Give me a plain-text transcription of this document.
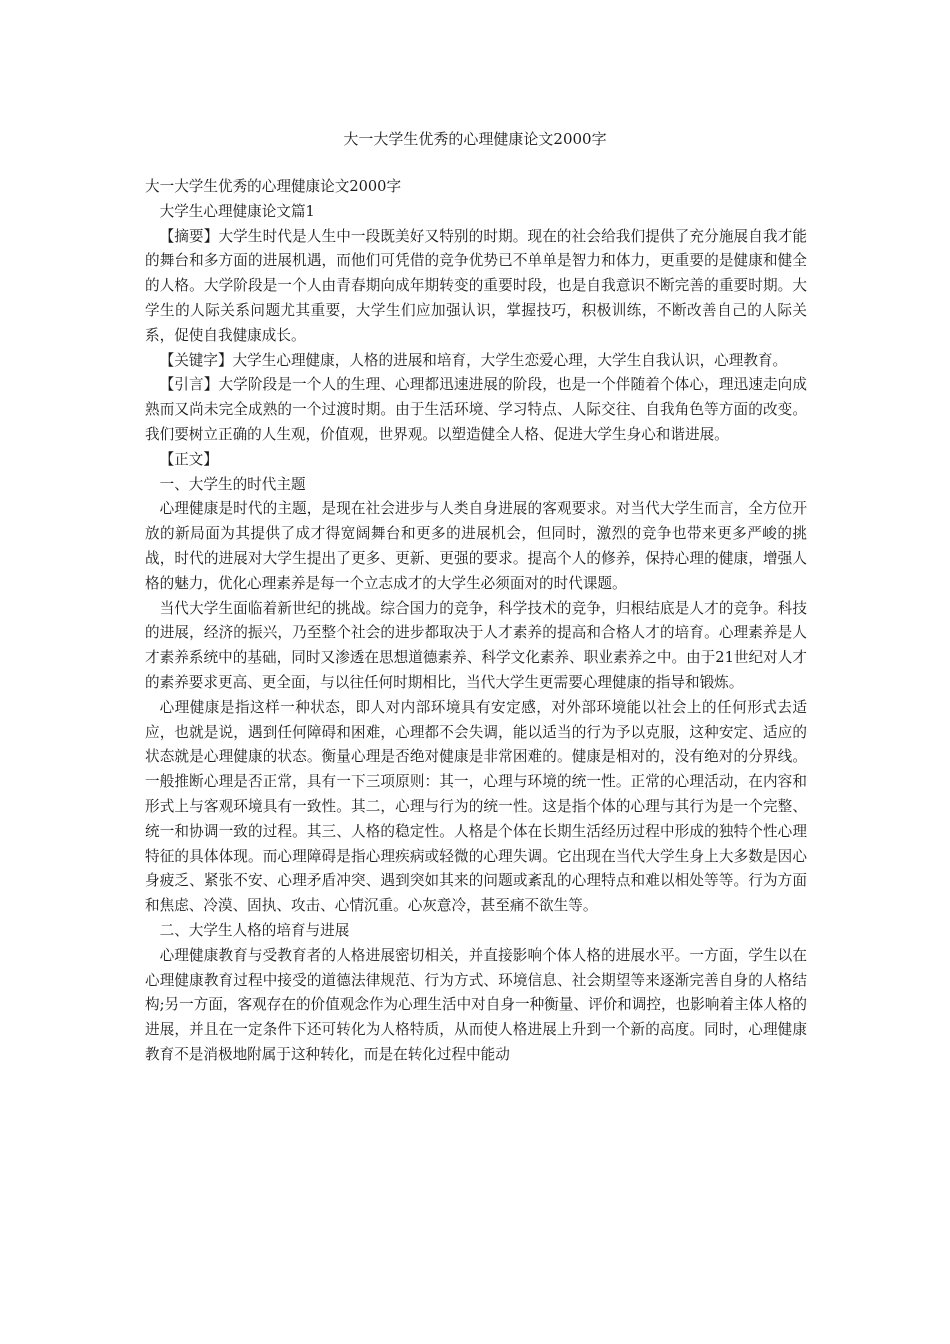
大一大学生优秀的心理健康论文2000字

大一大学生优秀的心理健康论文2000字

大学生心理健康论文篇1

【摘要】大学生时代是人生中一段既美好又特别的时期。现在的社会给我们提供了充分施展自我才能的舞台和多方面的进展机遇，而他们可凭借的竞争优势已不单单是智力和体力，更重要的是健康和健全的人格。大学阶段是一个人由青春期向成年期转变的重要时段，也是自我意识不断完善的重要时期。大学生的人际关系问题尤其重要，大学生们应加强认识，掌握技巧，积极训练，不断改善自己的人际关系，促使自我健康成长。

【关键字】大学生心理健康，人格的进展和培育，大学生恋爱心理，大学生自我认识，心理教育。

【引言】大学阶段是一个人的生理、心理都迅速进展的阶段，也是一个伴随着个体心，理迅速走向成熟而又尚未完全成熟的一个过渡时期。由于生活环境、学习特点、人际交往、自我角色等方面的改变。我们要树立正确的人生观，价值观，世界观。以塑造健全人格、促进大学生身心和谐进展。

【正文】

一、大学生的时代主题

心理健康是时代的主题，是现在社会进步与人类自身进展的客观要求。对当代大学生而言，全方位开放的新局面为其提供了成才得宽阔舞台和更多的进展机会，但同时，激烈的竞争也带来更多严峻的挑战，时代的进展对大学生提出了更多、更新、更强的要求。提高个人的修养，保持心理的健康，增强人格的魅力，优化心理素养是每一个立志成才的大学生必须面对的时代课题。

当代大学生面临着新世纪的挑战。综合国力的竞争，科学技术的竞争，归根结底是人才的竞争。科技的进展，经济的振兴，乃至整个社会的进步都取决于人才素养的提高和合格人才的培育。心理素养是人才素养系统中的基础，同时又渗透在思想道德素养、科学文化素养、职业素养之中。由于21世纪对人才的素养要求更高、更全面，与以往任何时期相比，当代大学生更需要心理健康的指导和锻炼。

心理健康是指这样一种状态，即人对内部环境具有安定感，对外部环境能以社会上的任何形式去适应，也就是说，遇到任何障碍和困难，心理都不会失调，能以适当的行为予以克服，这种安定、适应的状态就是心理健康的状态。衡量心理是否绝对健康是非常困难的。健康是相对的，没有绝对的分界线。一般推断心理是否正常，具有一下三项原则：其一，心理与环境的统一性。正常的心理活动，在内容和形式上与客观环境具有一致性。其二，心理与行为的统一性。这是指个体的心理与其行为是一个完整、统一和协调一致的过程。其三、人格的稳定性。人格是个体在长期生活经历过程中形成的独特个性心理特征的具体体现。而心理障碍是指心理疾病或轻微的心理失调。它出现在当代大学生身上大多数是因心身疲乏、紧张不安、心理矛盾冲突、遇到突如其来的问题或紊乱的心理特点和难以相处等等。行为方面和焦虑、冷漠、固执、攻击、心情沉重。心灰意冷，甚至痛不欲生等。

二、大学生人格的培育与进展

心理健康教育与受教育者的人格进展密切相关，并直接影响个体人格的进展水平。一方面，学生以在心理健康教育过程中接受的道德法律规范、行为方式、环境信息、社会期望等来逐渐完善自身的人格结构;另一方面，客观存在的价值观念作为心理生活中对自身一种衡量、评价和调控，也影响着主体人格的进展，并且在一定条件下还可转化为人格特质，从而使人格进展上升到一个新的高度。同时，心理健康教育不是消极地附属于这种转化，而是在转化过程中能动
